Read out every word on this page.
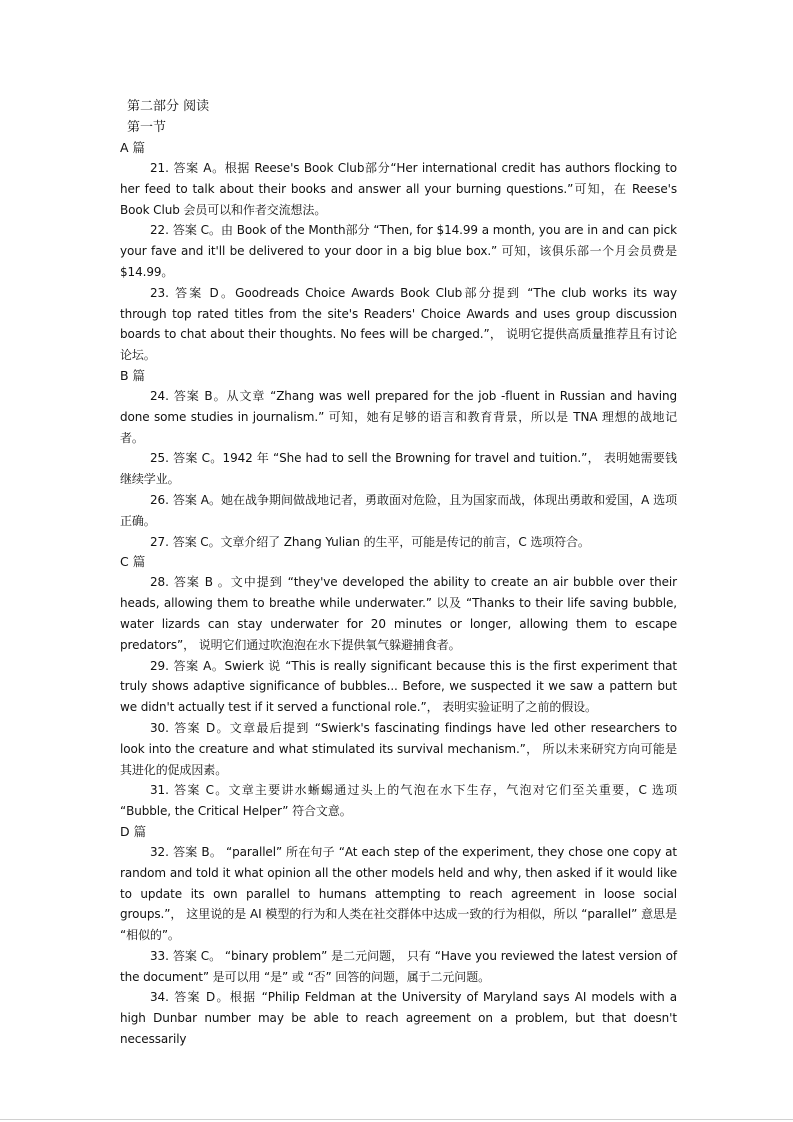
第二部分 阅读

第一节

A 篇

21. 答案 A。根据 Reese's Book Club部分“Her international credit has authors flocking to her feed to talk about their books and answer all your burning questions.”可知，在 Reese's Book Club 会员可以和作者交流想法。

22. 答案 C。由 Book of the Month部分 “Then, for $14.99 a month, you are in and can pick your fave and it'll be delivered to your door in a big blue box.” 可知，该俱乐部一个月会员费是 $14.99。

23. 答案 D。Goodreads Choice Awards Book Club部分提到 “The club works its way through top rated titles from the site's Readers' Choice Awards and uses group discussion boards to chat about their thoughts. No fees will be charged.”， 说明它提供高质量推荐且有讨论论坛。

B 篇

24. 答案 B。从文章 “Zhang was well prepared for the job -fluent in Russian and having done some studies in journalism.” 可知，她有足够的语言和教育背景，所以是 TNA 理想的战地记者。

25. 答案 C。1942 年 “She had to sell the Browning for travel and tuition.”， 表明她需要钱继续学业。

26. 答案 A。她在战争期间做战地记者，勇敢面对危险，且为国家而战，体现出勇敢和爱国，A 选项正确。

27. 答案 C。文章介绍了 Zhang Yulian 的生平，可能是传记的前言，C 选项符合。

C 篇

28. 答案 B 。文中提到 “they've developed the ability to create an air bubble over their heads, allowing them to breathe while underwater.” 以及 “Thanks to their life saving bubble, water lizards can stay underwater for 20 minutes or longer, allowing them to escape predators”， 说明它们通过吹泡泡在水下提供氧气躲避捕食者。

29. 答案 A。Swierk 说 “This is really significant because this is the first experiment that truly shows adaptive significance of bubbles... Before, we suspected it we saw a pattern but we didn't actually test if it served a functional role.”， 表明实验证明了之前的假设。

30. 答案 D。文章最后提到 “Swierk's fascinating findings have led other researchers to look into the creature and what stimulated its survival mechanism.”， 所以未来研究方向可能是其进化的促成因素。

31. 答案 C。文章主要讲水蜥蜴通过头上的气泡在水下生存，气泡对它们至关重要，C 选项 “Bubble, the Critical Helper” 符合文意。

D 篇

32. 答案 B。 “parallel” 所在句子 “At each step of the experiment, they chose one copy at random and told it what opinion all the other models held and why, then asked if it would like to update its own parallel to humans attempting to reach agreement in loose social groups.”， 这里说的是 AI 模型的行为和人类在社交群体中达成一致的行为相似，所以 “parallel” 意思是 “相似的”。

33. 答案 C。 “binary problem” 是二元问题， 只有 “Have you reviewed the latest version of the document” 是可以用 “是” 或 “否” 回答的问题，属于二元问题。

34. 答案 D。根据 “Philip Feldman at the University of Maryland says AI models with a high Dunbar number may be able to reach agreement on a problem, but that doesn't necessarily
